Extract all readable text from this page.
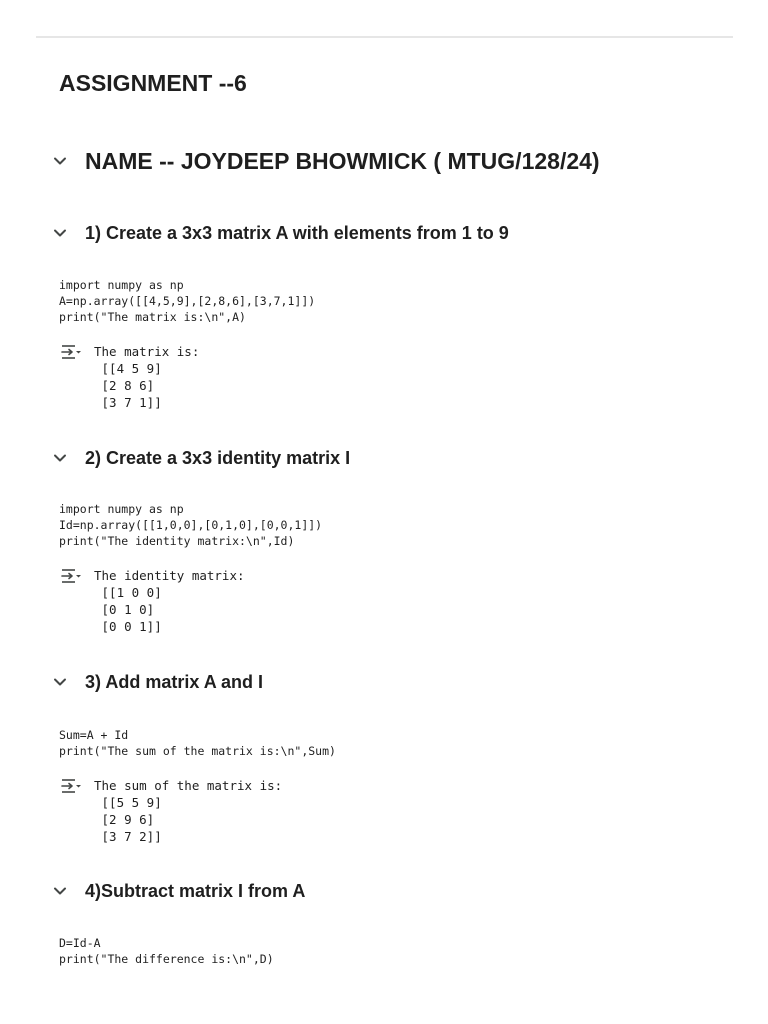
ASSIGNMENT --6
NAME -- JOYDEEP BHOWMICK ( MTUG/128/24)
1) Create a 3x3 matrix A with elements from 1 to 9
import numpy as np
A=np.array([[4,5,9],[2,8,6],[3,7,1]])
print("The matrix is:\n",A)
The matrix is:
[[4 5 9]
[2 8 6]
[3 7 1]]
2) Create a 3x3 identity matrix I
import numpy as np
Id=np.array([[1,0,0],[0,1,0],[0,0,1]])
print("The identity matrix:\n",Id)
The identity matrix:
[[1 0 0]
[0 1 0]
[0 0 1]]
3) Add matrix A and I
Sum=A + Id
print("The sum of the matrix is:\n",Sum)
The sum of the matrix is:
[[5 5 9]
[2 9 6]
[3 7 2]]
4)Subtract matrix I from A
D=Id-A
print("The difference is:\n",D)
